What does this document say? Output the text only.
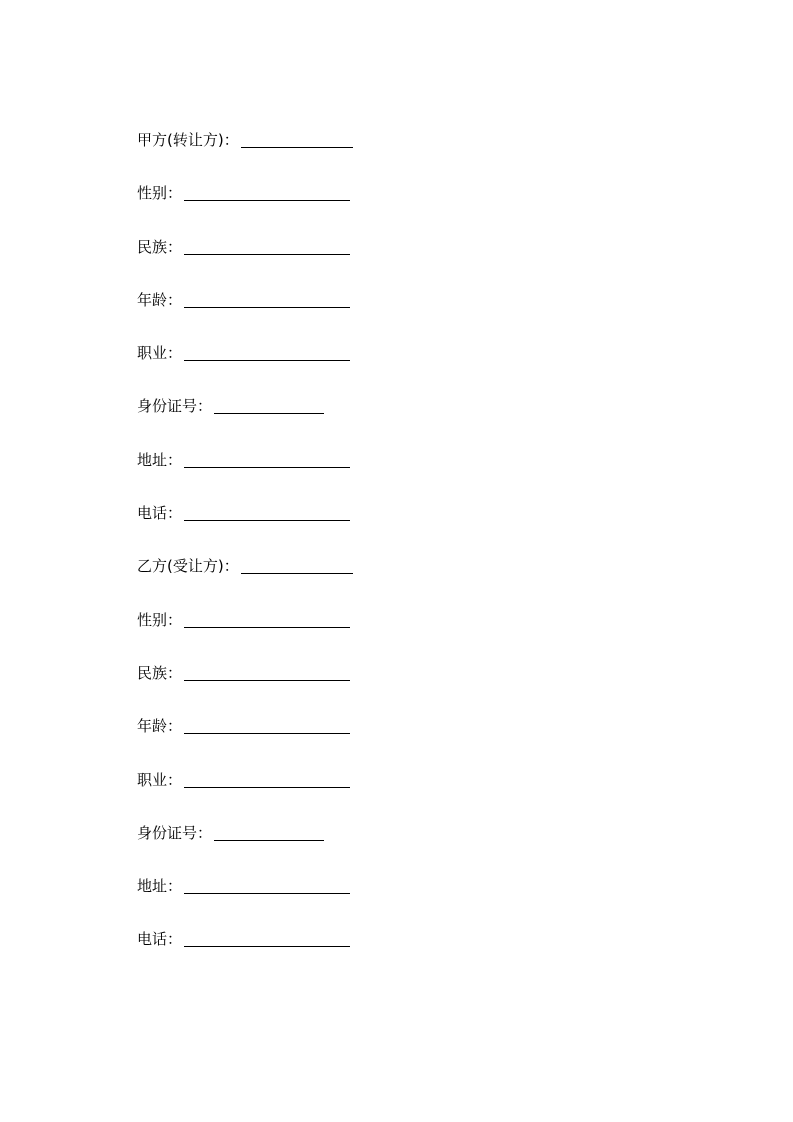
甲方(转让方)：
性别：
民族：
年龄：
职业：
身份证号：
地址：
电话：
乙方(受让方)：
性别：
民族：
年龄：
职业：
身份证号：
地址：
电话：
